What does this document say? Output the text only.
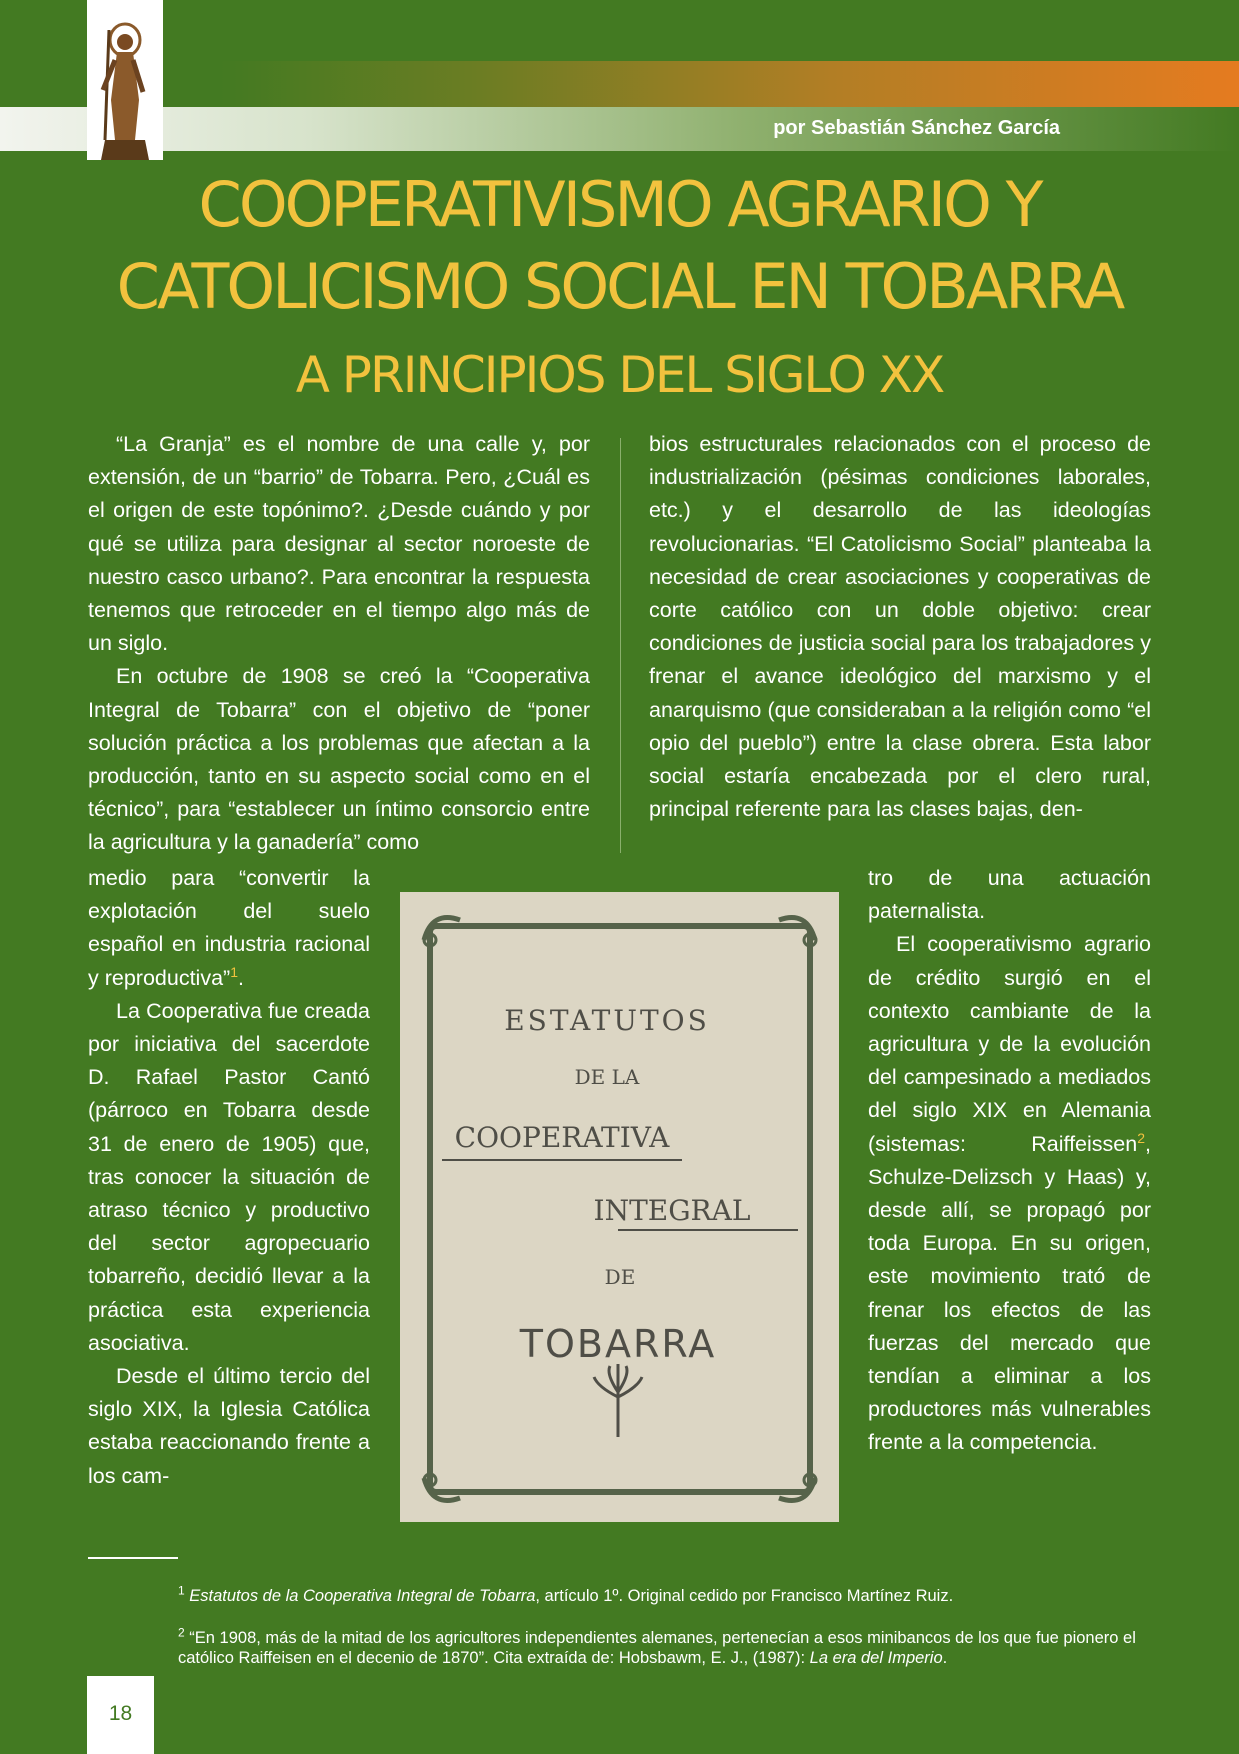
por Sebastián Sánchez García
COOPERATIVISMO AGRARIO Y
CATOLICISMO SOCIAL EN TOBARRA
A PRINCIPIOS DEL SIGLO XX

“La Granja” es el nombre de una calle y, por extensión, de un “barrio” de Tobarra. Pero, ¿Cuál es el origen de este topónimo?. ¿Desde cuándo y por qué se utiliza para designar al sector noroeste de nuestro casco urbano?. Para encontrar la respuesta tenemos que retroceder en el tiempo algo más de un siglo.

En octubre de 1908 se creó la “Cooperativa Integral de Tobarra” con el objetivo de “poner solución práctica a los problemas que afectan a la producción, tanto en su aspecto social como en el técnico”, para “establecer un íntimo consorcio entre la agricultura y la ganadería” como

medio para “convertir la explotación del suelo español en industria racional y reproductiva”$^1$.

La Cooperativa fue creada por iniciativa del sacerdote D. Rafael Pastor Cantó (párroco en Tobarra desde 31 de enero de 1905) que, tras conocer la situación de atraso técnico y productivo del sector agropecuario tobarreño, decidió llevar a la práctica esta experiencia asociativa.

Desde el último tercio del siglo XIX, la Iglesia Católica estaba reaccionando frente a los cam-

bios estructurales relacionados con el proceso de industrialización (pésimas condiciones laborales, etc.) y el desarrollo de las ideologías revolucionarias. “El Catolicismo Social” planteaba la necesidad de crear asociaciones y cooperativas de corte católico con un doble objetivo: crear condiciones de justicia social para los trabajadores y frenar el avance ideológico del marxismo y el anarquismo (que consideraban a la religión como “el opio del pueblo”) entre la clase obrera. Esta labor social estaría encabezada por el clero rural, principal referente para las clases bajas, den-

tro de una actuación paternalista.

El cooperativismo agrario de crédito surgió en el contexto cambiante de la agricultura y de la evolución del campesinado a mediados del siglo XIX en Alemania (sistemas: Raiffeissen$^2$, Schulze-Delizsch y Haas) y, desde allí, se propagó por toda Europa. En su origen, este movimiento trató de frenar los efectos de las fuerzas del mercado que tendían a eliminar a los productores más vulnerables frente a la competencia.

ESTATUTOS
DE LA
COOPERATIVA
INTEGRAL
DE
TOBARRA
$^1$ Estatutos de la Cooperativa Integral de Tobarra, artículo 1º. Original cedido por Francisco Martínez Ruiz.
$^2$ “En 1908, más de la mitad de los agricultores independientes alemanes, pertenecían a esos minibancos de los que fue pionero el católico Raiffeisen en el decenio de 1870”. Cita extraída de: Hobsbawm, E. J., (1987): La era del Imperio.
18
